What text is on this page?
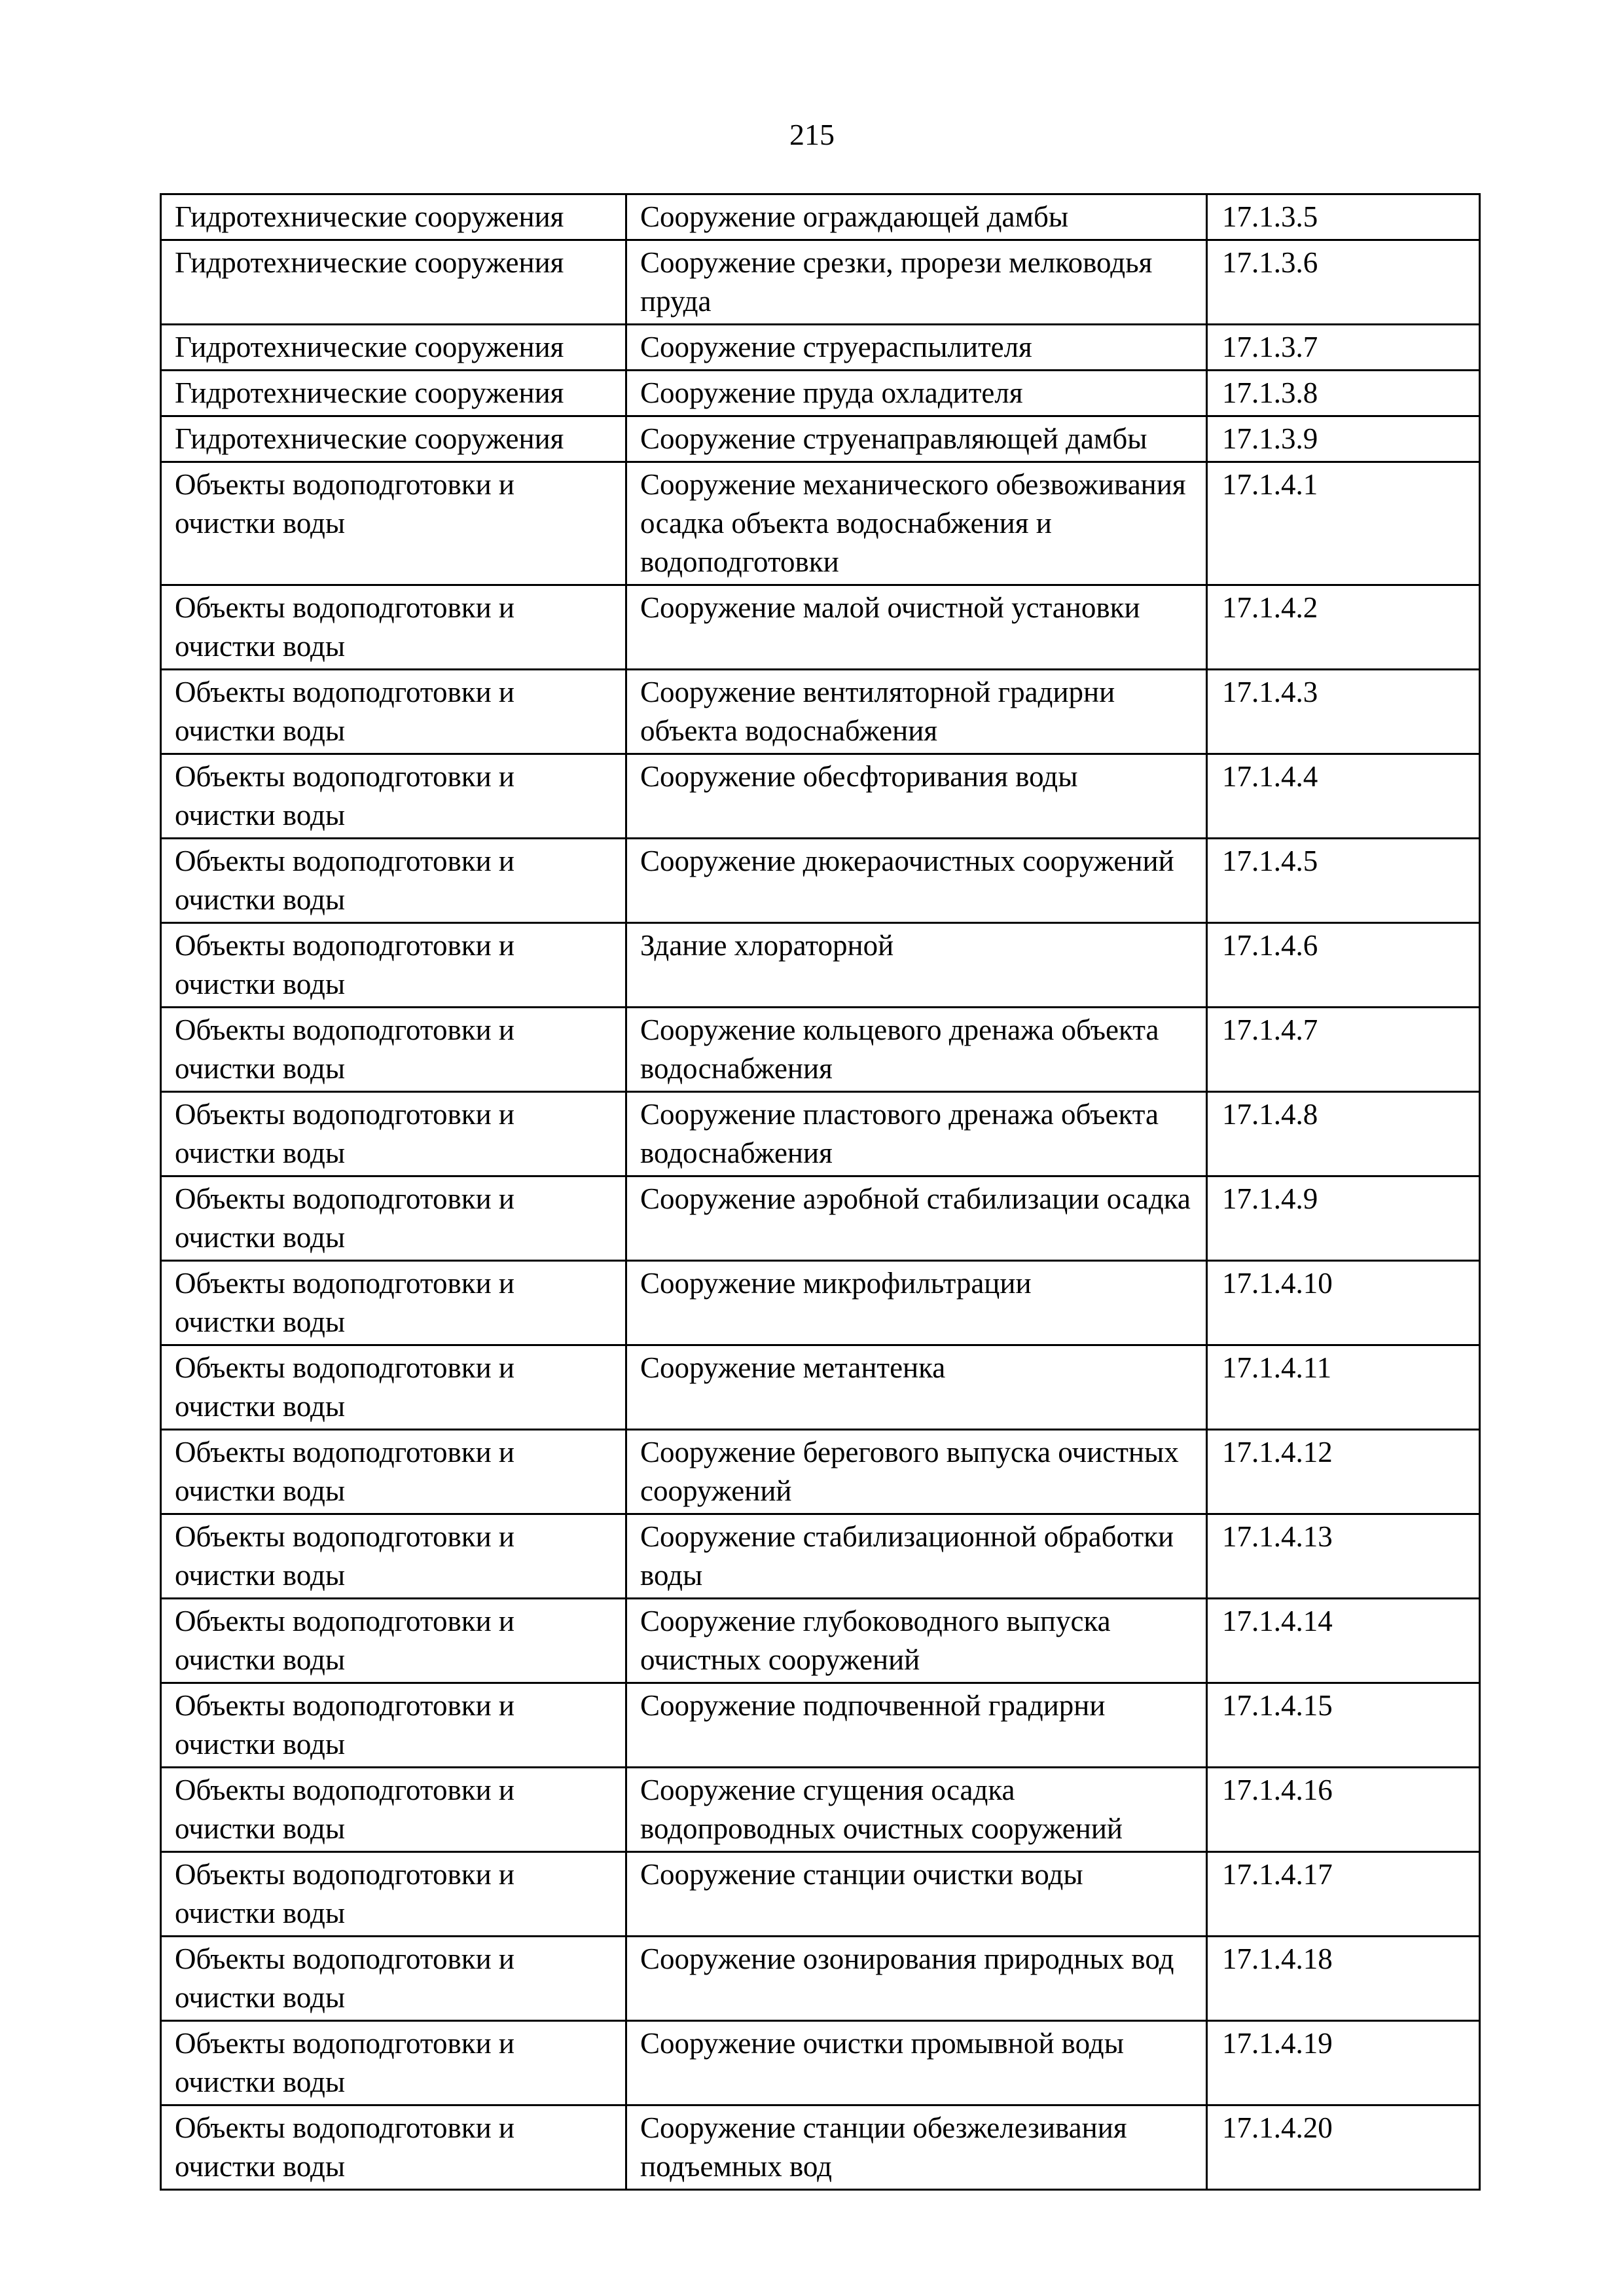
215
Гидротехнические сооружения	Сооружение ограждающей дамбы	17.1.3.5
Гидротехнические сооружения	Сооружение срезки, прорези мелководья пруда	17.1.3.6
Гидротехнические сооружения	Сооружение струераспылителя	17.1.3.7
Гидротехнические сооружения	Сооружение пруда охладителя	17.1.3.8
Гидротехнические сооружения	Сооружение струенаправляющей дамбы	17.1.3.9
Объекты водоподготовки и очистки воды	Сооружение механического обезвоживания осадка объекта водоснабжения и водоподготовки	17.1.4.1
Объекты водоподготовки и очистки воды	Сооружение малой очистной установки	17.1.4.2
Объекты водоподготовки и очистки воды	Сооружение вентиляторной градирни объекта водоснабжения	17.1.4.3
Объекты водоподготовки и очистки воды	Сооружение обесфторивания воды	17.1.4.4
Объекты водоподготовки и очистки воды	Сооружение дюкераочистных сооружений	17.1.4.5
Объекты водоподготовки и очистки воды	Здание хлораторной	17.1.4.6
Объекты водоподготовки и очистки воды	Сооружение кольцевого дренажа объекта водоснабжения	17.1.4.7
Объекты водоподготовки и очистки воды	Сооружение пластового дренажа объекта водоснабжения	17.1.4.8
Объекты водоподготовки и очистки воды	Сооружение аэробной стабилизации осадка	17.1.4.9
Объекты водоподготовки и очистки воды	Сооружение микрофильтрации	17.1.4.10
Объекты водоподготовки и очистки воды	Сооружение метантенка	17.1.4.11
Объекты водоподготовки и очистки воды	Сооружение берегового выпуска очистных сооружений	17.1.4.12
Объекты водоподготовки и очистки воды	Сооружение стабилизационной обработки воды	17.1.4.13
Объекты водоподготовки и очистки воды	Сооружение глубоководного выпуска очистных сооружений	17.1.4.14
Объекты водоподготовки и очистки воды	Сооружение подпочвенной градирни	17.1.4.15
Объекты водоподготовки и очистки воды	Сооружение сгущения осадка водопроводных очистных сооружений	17.1.4.16
Объекты водоподготовки и очистки воды	Сооружение станции очистки воды	17.1.4.17
Объекты водоподготовки и очистки воды	Сооружение озонирования природных вод	17.1.4.18
Объекты водоподготовки и очистки воды	Сооружение очистки промывной воды	17.1.4.19
Объекты водоподготовки и очистки воды	Сооружение станции обезжелезивания подъемных вод	17.1.4.20
